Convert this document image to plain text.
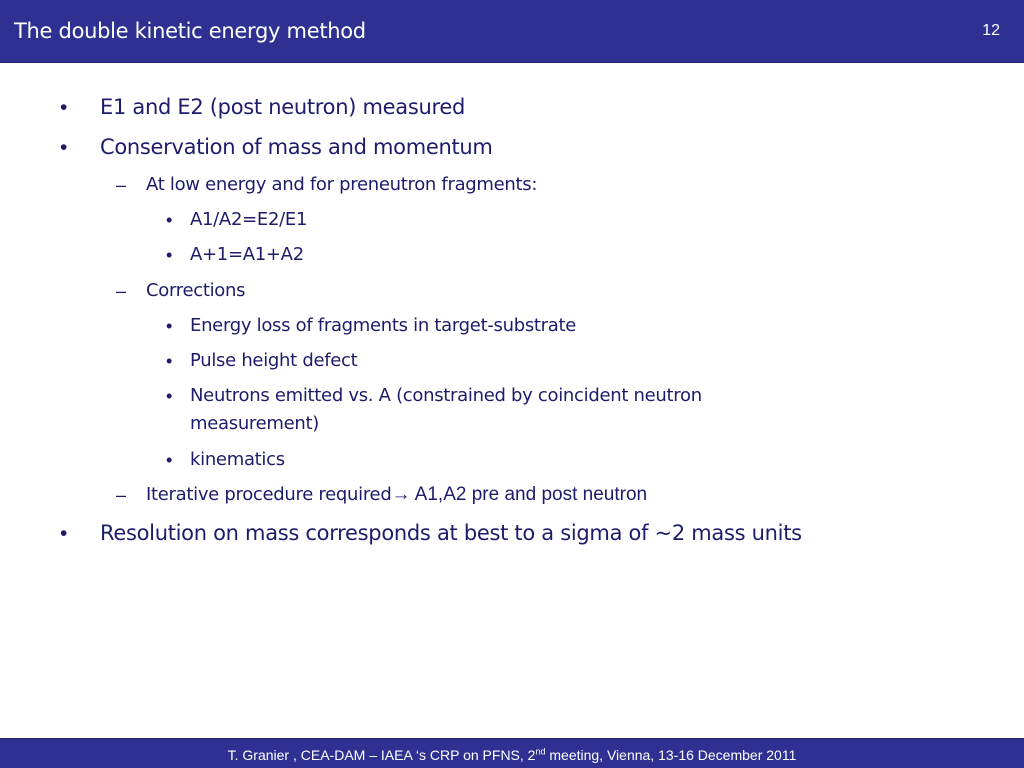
The double kinetic energy method	12
• E1 and E2 (post neutron) measured
• Conservation of mass and momentum
– At low energy and for preneutron fragments:
• A1/A2=E2/E1
• A+1=A1+A2
– Corrections
• Energy loss of fragments in target-substrate
• Pulse height defect
• Neutrons emitted vs. A (constrained by coincident neutron
measurement)
• kinematics
– Iterative procedure required→ A1,A2 pre and post neutron
• Resolution on mass corresponds at best to a sigma of ~2 mass units
T. Granier , CEA-DAM – IAEA ‘s CRP on PFNS, 2nd meeting, Vienna, 13-16 December 2011
